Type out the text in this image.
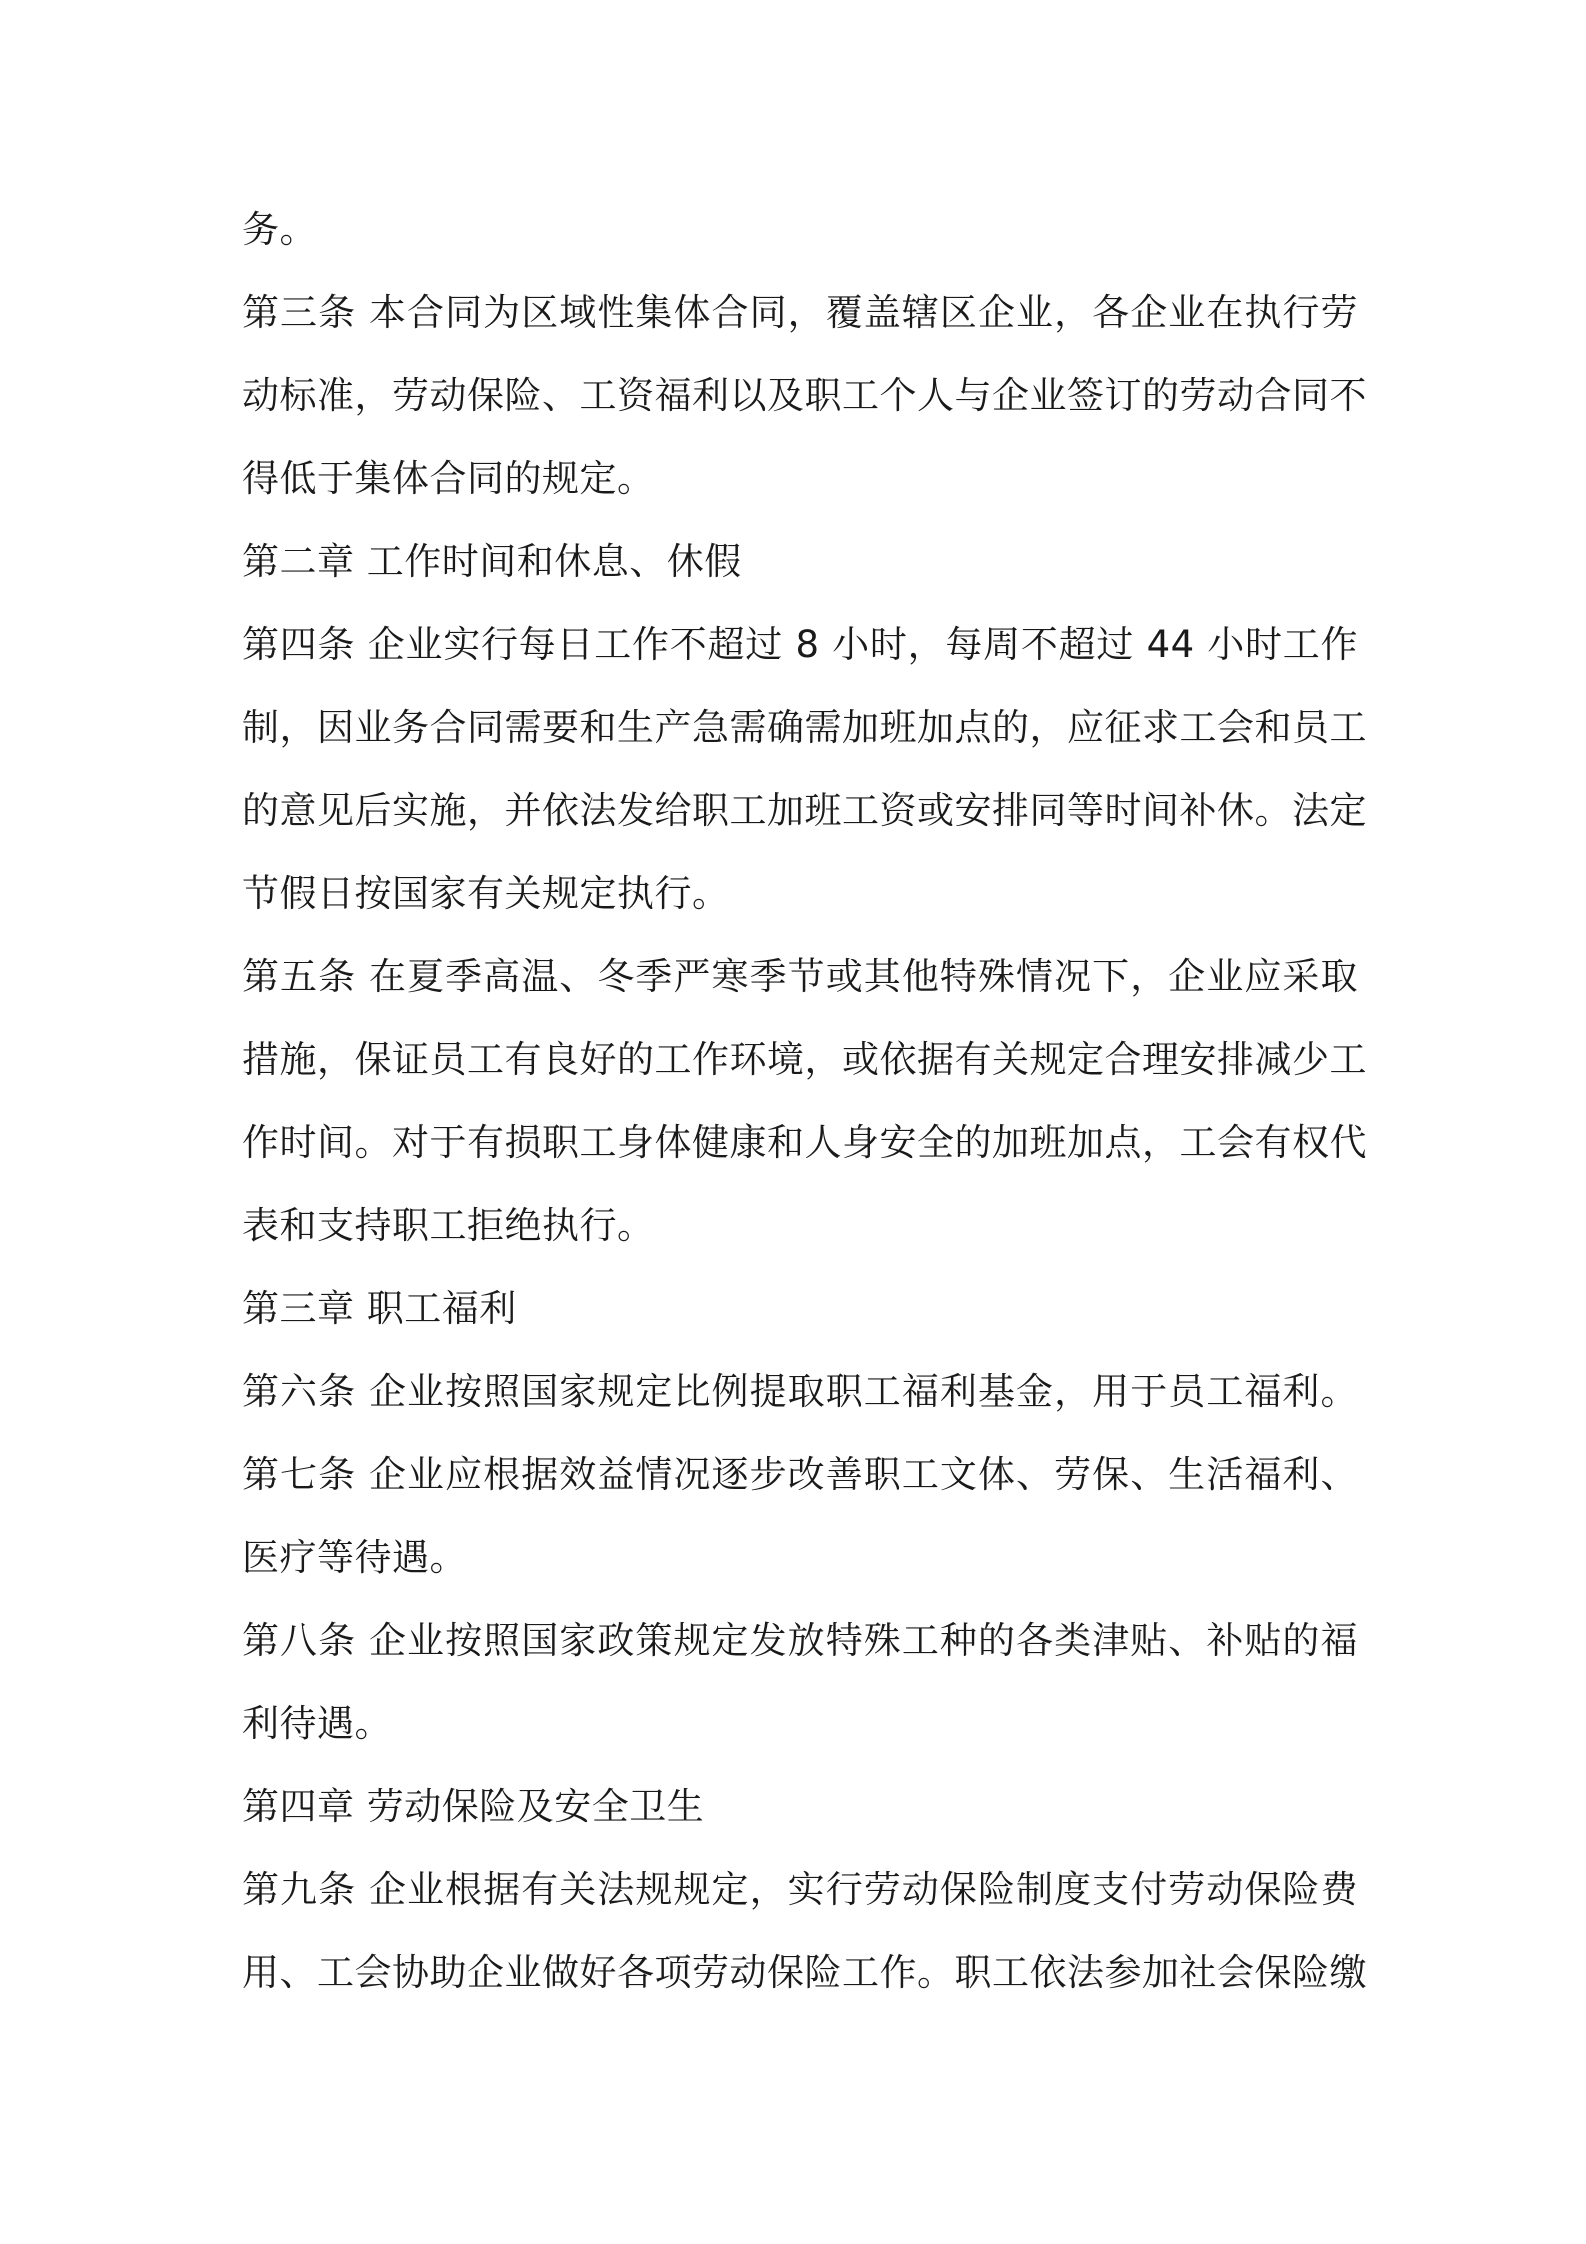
务。
第三条 本合同为区域性集体合同，覆盖辖区企业，各企业在执行劳
动标准，劳动保险、工资福利以及职工个人与企业签订的劳动合同不
得低于集体合同的规定。
第二章 工作时间和休息、休假
第四条 企业实行每日工作不超过 8 小时，每周不超过 44 小时工作
制，因业务合同需要和生产急需确需加班加点的，应征求工会和员工
的意见后实施，并依法发给职工加班工资或安排同等时间补休。法定
节假日按国家有关规定执行。
第五条 在夏季高温、冬季严寒季节或其他特殊情况下，企业应采取
措施，保证员工有良好的工作环境，或依据有关规定合理安排减少工
作时间。对于有损职工身体健康和人身安全的加班加点，工会有权代
表和支持职工拒绝执行。
第三章 职工福利
第六条 企业按照国家规定比例提取职工福利基金，用于员工福利。
第七条 企业应根据效益情况逐步改善职工文体、劳保、生活福利、
医疗等待遇。
第八条 企业按照国家政策规定发放特殊工种的各类津贴、补贴的福
利待遇。
第四章 劳动保险及安全卫生
第九条 企业根据有关法规规定，实行劳动保险制度支付劳动保险费
用、工会协助企业做好各项劳动保险工作。职工依法参加社会保险缴
